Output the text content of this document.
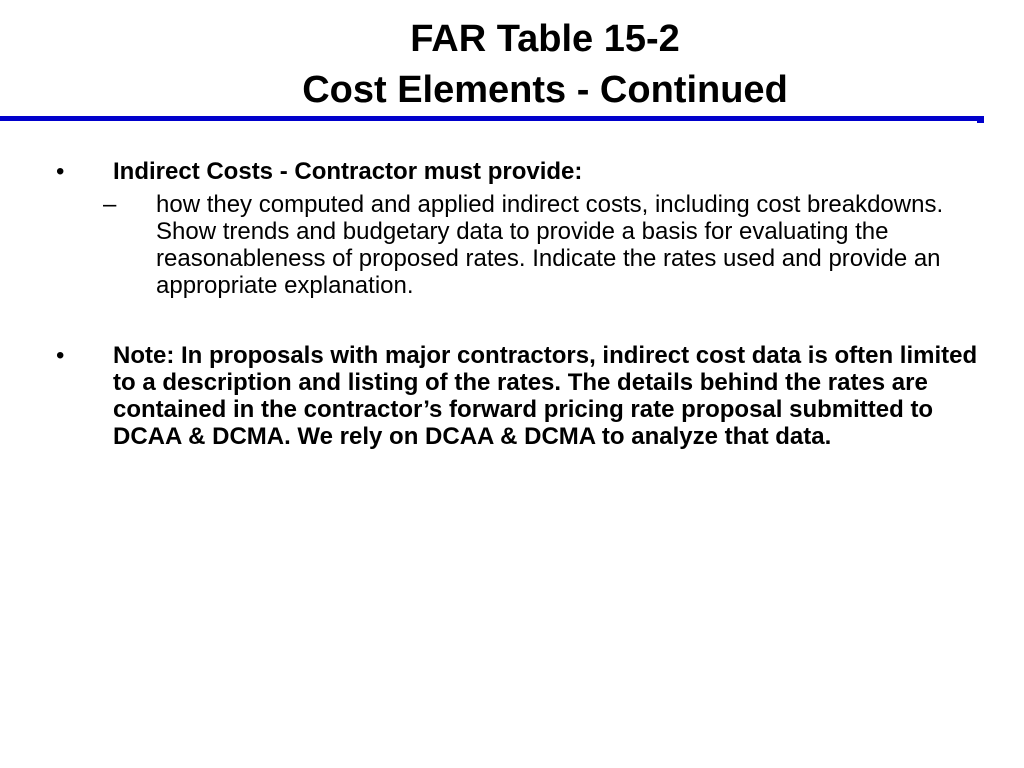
FAR Table 15-2
Cost Elements - Continued
• Indirect Costs - Contractor must provide:
– how they computed and applied indirect costs, including cost breakdowns. Show trends and budgetary data to provide a basis for evaluating the reasonableness of proposed rates. Indicate the rates used and provide an appropriate explanation.
• Note: In proposals with major contractors, indirect cost data is often limited to a description and listing of the rates. The details behind the rates are contained in the contractor’s forward pricing rate proposal submitted to DCAA & DCMA. We rely on DCAA & DCMA to analyze that data.
